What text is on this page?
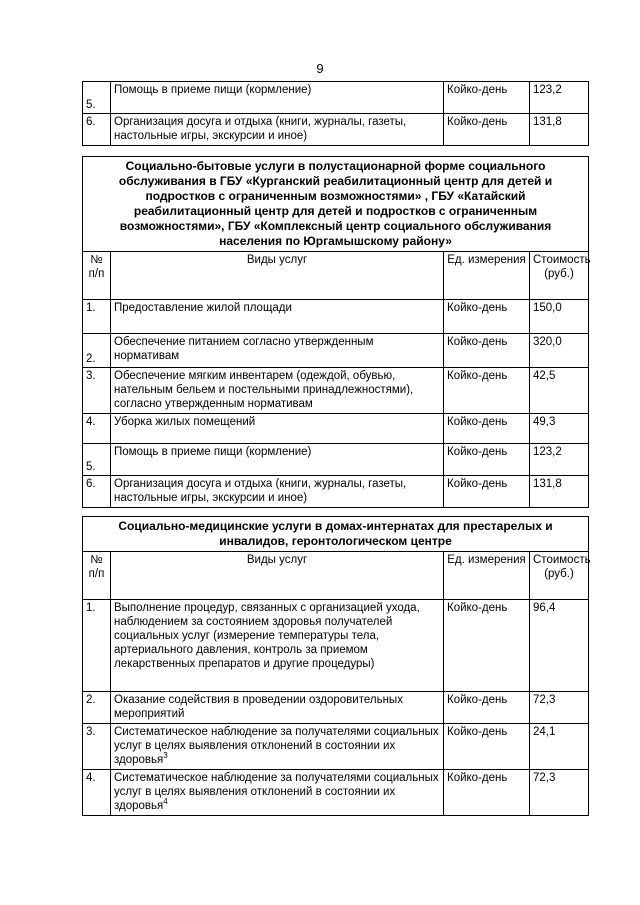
9
5.	Помощь в приеме пищи (кормление)	Койко-день	123,2
6.	Организация досуга и отдыха (книги, журналы, газеты, настольные игры, экскурсии и иное)	Койко-день	131,8
Социально-бытовые услуги в полустационарной форме социального обслуживания в ГБУ «Курганский реабилитационный центр для детей и подростков с ограниченным возможностями» , ГБУ «Катайский реабилитационный центр для детей и подростков с ограниченным возможностями», ГБУ «Комплексный центр социального обслуживания населения по Юргамышскому району»			
№ п/п	Виды услуг	Ед. измерения	Стоимость (руб.)
1.	Предоставление жилой площади	Койко-день	150,0
2.	Обеспечение питанием согласно утвержденным нормативам	Койко-день	320,0
3.	Обеспечение мягким инвентарем (одеждой, обувью, нательным бельем и постельными принадлежностями), согласно утвержденным нормативам	Койко-день	42,5
4.	Уборка жилых помещений	Койко-день	49,3
5.	Помощь в приеме пищи (кормление)	Койко-день	123,2
6.	Организация досуга и отдыха (книги, журналы, газеты, настольные игры, экскурсии и иное)	Койко-день	131,8
Социально-медицинские услуги в домах-интернатах для престарелых и инвалидов, геронтологическом центре			
№ п/п	Виды услуг	Ед. измерения	Стоимость (руб.)
1.	Выполнение процедур, связанных с организацией ухода, наблюдением за состоянием здоровья получателей социальных услуг (измерение температуры тела, артериального давления, контроль за приемом лекарственных препаратов и другие процедуры)	Койко-день	96,4
2.	Оказание содействия в проведении оздоровительных мероприятий	Койко-день	72,3
3.	Систематическое наблюдение за получателями социальных услуг в целях выявления отклонений в состоянии их здоровья$^3$	Койко-день	24,1
4.	Систематическое наблюдение за получателями социальных услуг в целях выявления отклонений в состоянии их здоровья$^4$	Койко-день	72,3
